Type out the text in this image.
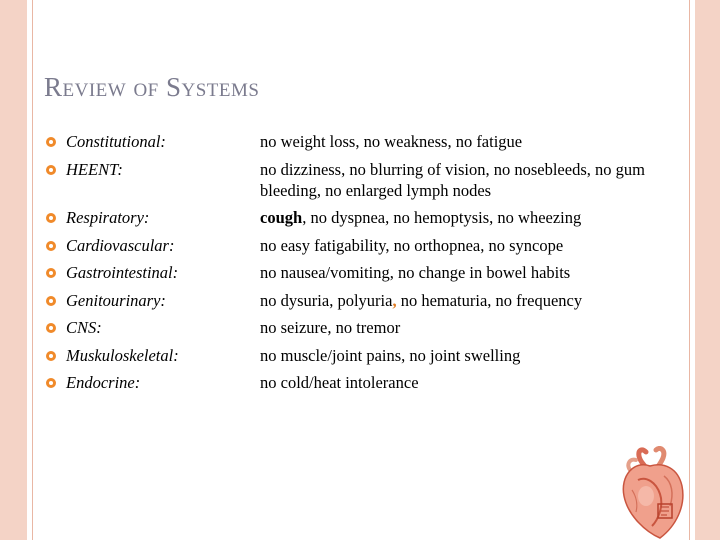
Review of Systems
Constitutional:	no weight loss, no weakness, no fatigue
HEENT:	no dizziness, no blurring of vision, no nosebleeds, no gum bleeding, no enlarged lymph nodes
Respiratory:	cough, no dyspnea, no hemoptysis, no wheezing
Cardiovascular:	no easy fatigability, no orthopnea, no syncope
Gastrointestinal:	no nausea/vomiting, no change in bowel habits
Genitourinary:	no dysuria, polyuria, no hematuria, no frequency
CNS:	no seizure, no tremor
Muskuloskeletal:	no muscle/joint pains, no joint swelling
Endocrine:	no cold/heat intolerance
